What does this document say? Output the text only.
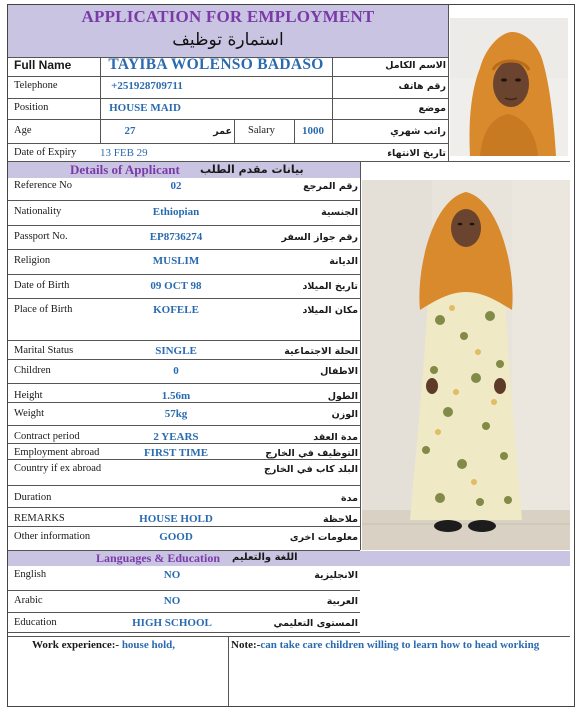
APPLICATION FOR EMPLOYMENT
استمارة توظيف
Full Name	TAYIBA WOLENSO BADASO	الاسم الكامل
Telephone	+251928709711	رقم هاتف
Position	HOUSE MAID	موضع
Age	27	عمر Salary	1000	راتب شهري
Date of Expiry 13 FEB 29	تاريخ الانتهاء
Details of Applicant بيانات مقدم الطلب
Reference No	02	رقم المرجع
Nationality	Ethiopian	الجنسية
Passport No.	EP8736274	رقم جواز السفر
Religion	MUSLIM	الديانة
Date of Birth	09 OCT 98	تاريخ الميلاد
Place of Birth	KOFELE	مكان الميلاد
Marital Status	SINGLE	الحلة الاجتماعية
Children	0	الاطفال
Height	1.56m	الطول
Weight	57kg	الوزن
Contract period	2 YEARS	مدة العقد
Employment abroad	FIRST TIME	التوظيف في الخارج
Country if ex abroad	البلد كاب في الخارج
Duration	مدة
REMARKS	HOUSE HOLD	ملاحظة
Other information	GOOD	معلومات اخرى
Languages & Education اللغة والتعليم
English	NO	الانجليزية
Arabic	NO	العربية
Education	HIGH SCHOOL	المستوى التعليمي
Work experience:- house hold,	Note:-can take care children willing to learn how to head working
